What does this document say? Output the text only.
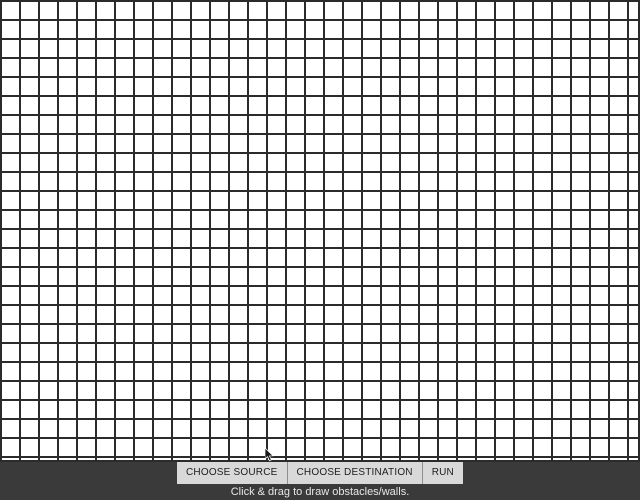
CHOOSE SOURCE	CHOOSE DESTINATION	RUN
Click & drag to draw obstacles/walls.
